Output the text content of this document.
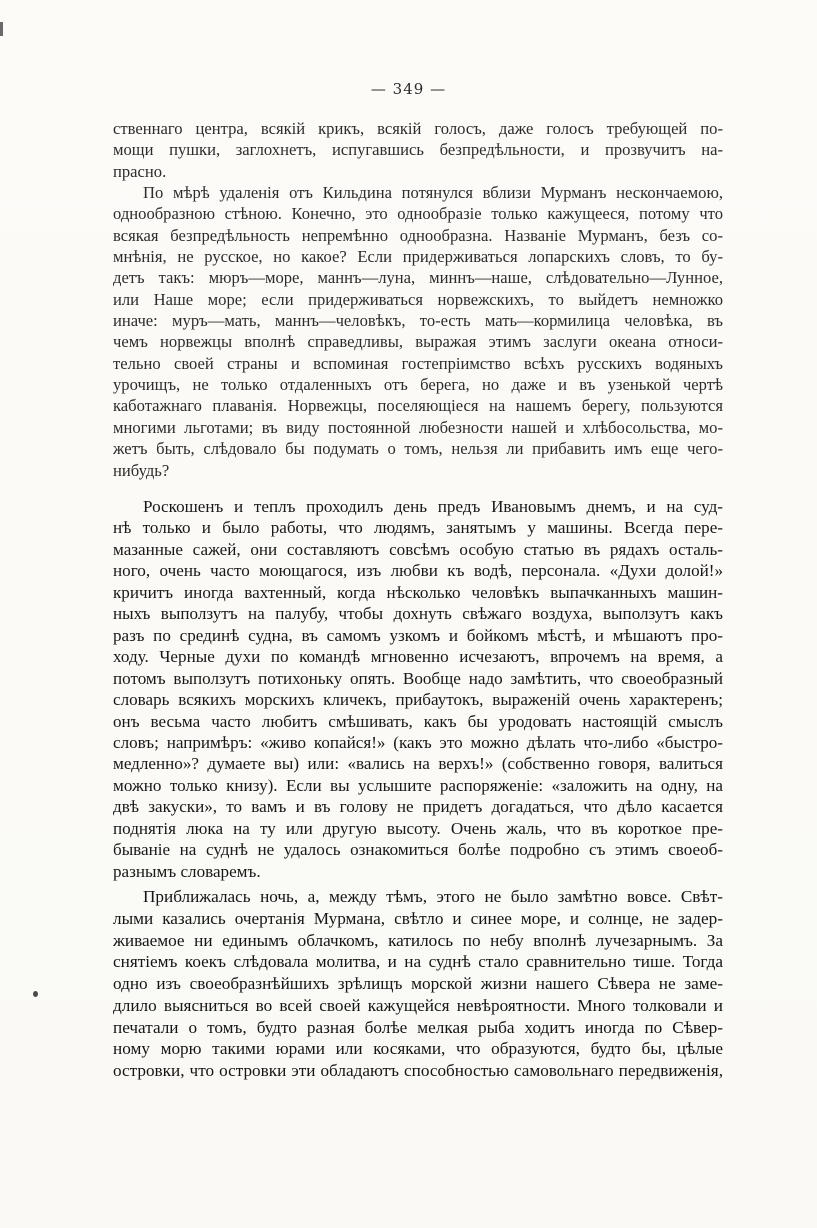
— 349 —
ственнаго центра, всякій крикъ, всякій голосъ, даже голосъ требующей по-
мощи пушки, заглохнетъ, испугавшись безпредѣльности, и прозвучитъ на-
прасно.
По мѣрѣ удаленія отъ Кильдина потянулся вблизи Мурманъ нескончаемою,
однообразною стѣною. Конечно, это однообразіе только кажущееся, потому что
всякая безпредѣльность непремѣнно однообразна. Названіе Мурманъ, безъ со-
мнѣнія, не русское, но какое? Если придерживаться лопарскихъ словъ, то бу-
детъ такъ: мюръ—море, маннъ—луна, миннъ—наше, слѣдовательно—Лунное,
или Наше море; если придерживаться норвежскихъ, то выйдетъ немножко
иначе: муръ—мать, маннъ—человѣкъ, то-есть мать—кормилица человѣка, въ
чемъ норвежцы вполнѣ справедливы, выражая этимъ заслуги океана относи-
тельно своей страны и вспоминая гостепріимство всѣхъ русскихъ водяныхъ
урочищъ, не только отдаленныхъ отъ берега, но даже и въ узенькой чертѣ
каботажнаго плаванія. Норвежцы, поселяющіеся на нашемъ берегу, пользуются
многими льготами; въ виду постоянной любезности нашей и хлѣбосольства, мо-
жетъ быть, слѣдовало бы подумать о томъ, нельзя ли прибавить имъ еще чего-
нибудь?
Роскошенъ и теплъ проходилъ день предъ Ивановымъ днемъ, и на суд-
нѣ только и было работы, что людямъ, занятымъ у машины. Всегда пере-
мазанные сажей, они составляютъ совсѣмъ особую статью въ рядахъ осталь-
ного, очень часто моющагося, изъ любви къ водѣ, персонала. «Духи долой!»
кричитъ иногда вахтенный, когда нѣсколько человѣкъ выпачканныхъ машин-
ныхъ выползутъ на палубу, чтобы дохнуть свѣжаго воздуха, выползутъ какъ
разъ по срединѣ судна, въ самомъ узкомъ и бойкомъ мѣстѣ, и мѣшаютъ про-
ходу. Черные духи по командѣ мгновенно исчезаютъ, впрочемъ на время, а
потомъ выползутъ потихоньку опять. Вообще надо замѣтить, что своеобразный
словарь всякихъ морскихъ кличекъ, прибаутокъ, выраженій очень характеренъ;
онъ весьма часто любитъ смѣшивать, какъ бы уродовать настоящій смыслъ
словъ; напримѣръ: «живо копайся!» (какъ это можно дѣлать что-либо «быстро-
медленно»? думаете вы) или: «вались на верхъ!» (собственно говоря, валиться
можно только книзу). Если вы услышите распоряженіе: «заложить на одну, на
двѣ закуски», то вамъ и въ голову не придетъ догадаться, что дѣло касается
поднятія люка на ту или другую высоту. Очень жаль, что въ короткое пре-
бываніе на суднѣ не удалось ознакомиться болѣе подробно съ этимъ своеоб-
разнымъ словаремъ.
Приближалась ночь, а, между тѣмъ, этого не было замѣтно вовсе. Свѣт-
лыми казались очертанія Мурмана, свѣтло и синее море, и солнце, не задер-
живаемое ни единымъ облачкомъ, катилось по небу вполнѣ лучезарнымъ. За
снятіемъ коекъ слѣдовала молитва, и на суднѣ стало сравнительно тише. Тогда
одно изъ своеобразнѣйшихъ зрѣлищъ морской жизни нашего Сѣвера не заме-
длило выясниться во всей своей кажущейся невѣроятности. Много толковали и
печатали о томъ, будто разная болѣе мелкая рыба ходитъ иногда по Сѣвер-
ному морю такими юрами или косяками, что образуются, будто бы, цѣлые
островки, что островки эти обладаютъ способностью самовольнаго передвиженія,
